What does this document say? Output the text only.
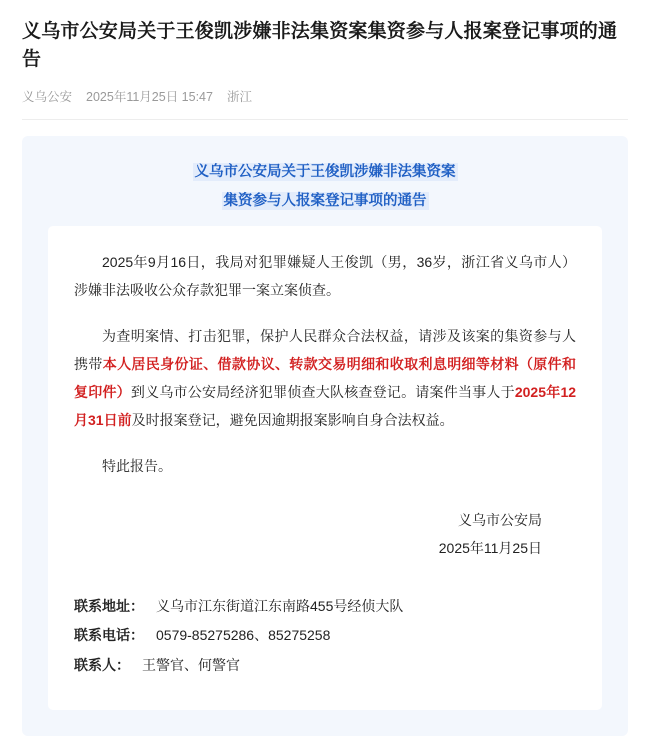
义乌市公安局关于王俊凯涉嫌非法集资案集资参与人报案登记事项的通告
义乌公安 2025年11月25日 15:47 浙江
义乌市公安局关于王俊凯涉嫌非法集资案
集资参与人报案登记事项的通告

2025年9月16日，我局对犯罪嫌疑人王俊凯（男，36岁，浙江省义乌市人）涉嫌非法吸收公众存款犯罪一案立案侦查。

为查明案情、打击犯罪，保护人民群众合法权益，请涉及该案的集资参与人携带本人居民身份证、借款协议、转款交易明细和收取利息明细等材料（原件和复印件）到义乌市公安局经济犯罪侦查大队核查登记。请案件当事人于2025年12月31日前及时报案登记，避免因逾期报案影响自身合法权益。

特此报告。

义乌市公安局
2025年11月25日
联系地址： 义乌市江东街道江东南路455号经侦大队
联系电话： 0579-85275286、85275258
联系人： 王警官、何警官
